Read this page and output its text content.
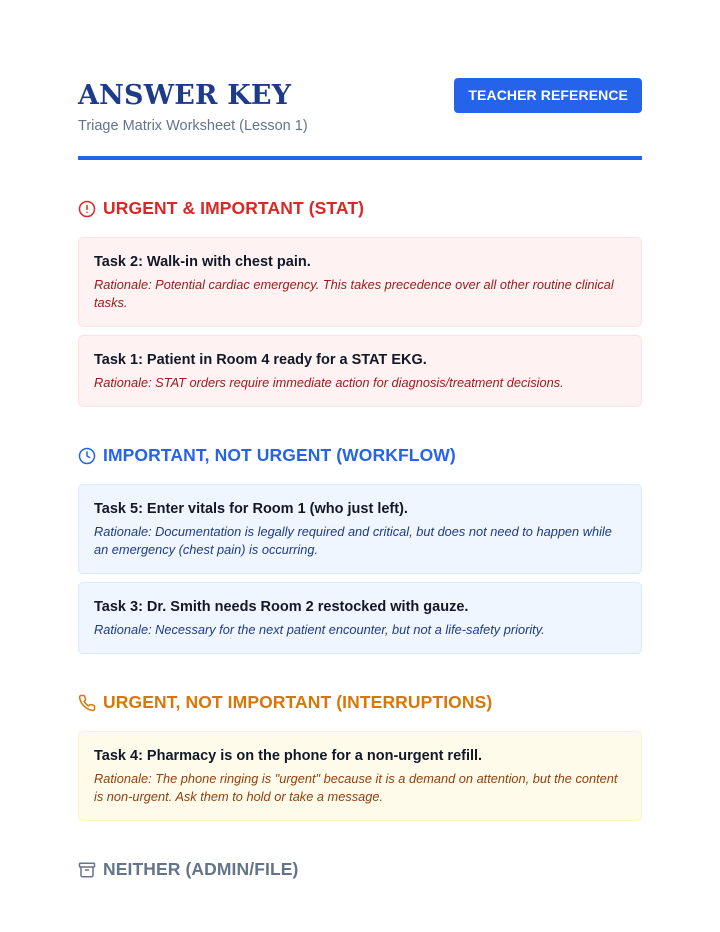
ANSWER KEY
Triage Matrix Worksheet (Lesson 1)
TEACHER REFERENCE
URGENT & IMPORTANT (STAT)
Task 2: Walk-in with chest pain.
Rationale: Potential cardiac emergency. This takes precedence over all other routine clinical tasks.
Task 1: Patient in Room 4 ready for a STAT EKG.
Rationale: STAT orders require immediate action for diagnosis/treatment decisions.
IMPORTANT, NOT URGENT (WORKFLOW)
Task 5: Enter vitals for Room 1 (who just left).
Rationale: Documentation is legally required and critical, but does not need to happen while an emergency (chest pain) is occurring.
Task 3: Dr. Smith needs Room 2 restocked with gauze.
Rationale: Necessary for the next patient encounter, but not a life-safety priority.
URGENT, NOT IMPORTANT (INTERRUPTIONS)
Task 4: Pharmacy is on the phone for a non-urgent refill.
Rationale: The phone ringing is "urgent" because it is a demand on attention, but the content is non-urgent. Ask them to hold or take a message.
NEITHER (ADMIN/FILE)
